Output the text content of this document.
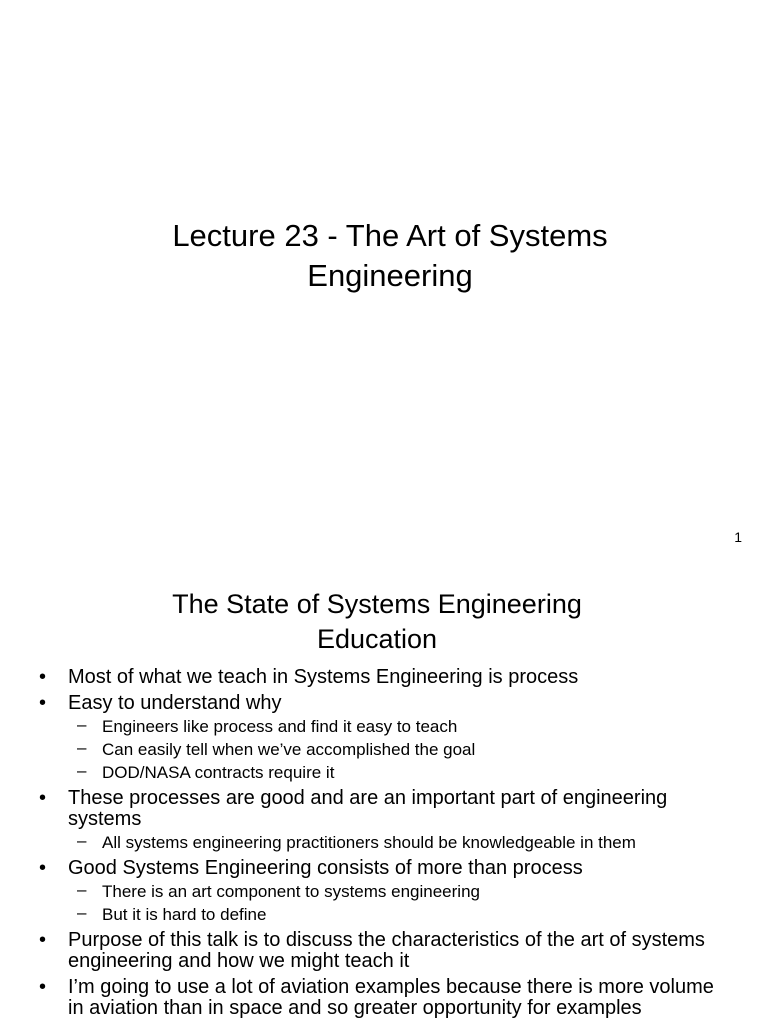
Lecture 23 - The Art of Systems
Engineering
1
The State of Systems Engineering
Education
• Most of what we teach in Systems Engineering is process
• Easy to understand why
– Engineers like process and find it easy to teach
– Can easily tell when we’ve accomplished the goal
– DOD/NASA contracts require it
• These processes are good and are an important part of engineering systems
– All systems engineering practitioners should be knowledgeable in them
• Good Systems Engineering consists of more than process
– There is an art component to systems engineering
– But it is hard to define
• Purpose of this talk is to discuss the characteristics of the art of systems engineering and how we might teach it
• I’m going to use a lot of aviation examples because there is more volume in aviation than in space and so greater opportunity for examples
